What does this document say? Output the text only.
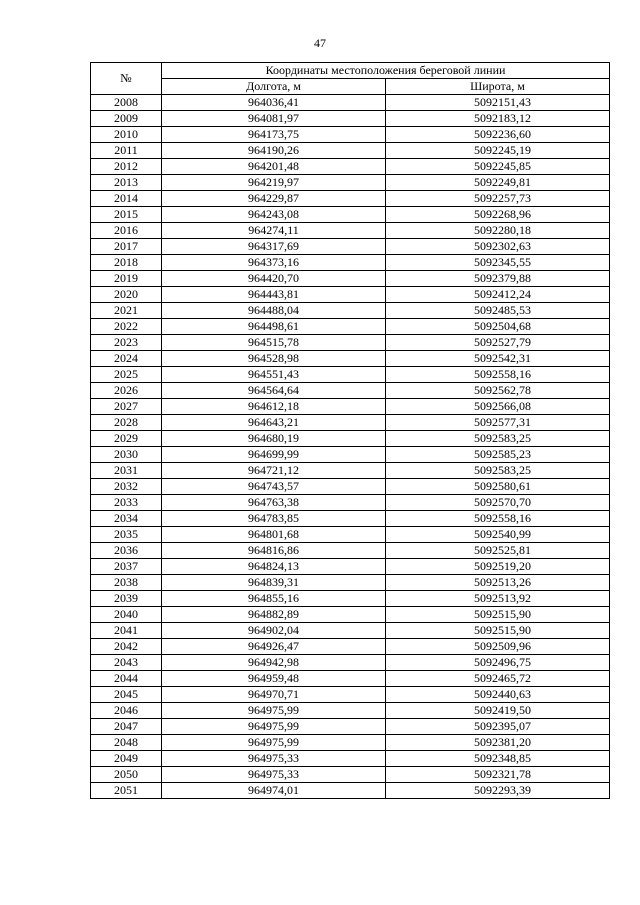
47
№	Координаты местоположения береговой линии	
	Долгота, м	Широта, м
2008	964036,41	5092151,43
2009	964081,97	5092183,12
2010	964173,75	5092236,60
2011	964190,26	5092245,19
2012	964201,48	5092245,85
2013	964219,97	5092249,81
2014	964229,87	5092257,73
2015	964243,08	5092268,96
2016	964274,11	5092280,18
2017	964317,69	5092302,63
2018	964373,16	5092345,55
2019	964420,70	5092379,88
2020	964443,81	5092412,24
2021	964488,04	5092485,53
2022	964498,61	5092504,68
2023	964515,78	5092527,79
2024	964528,98	5092542,31
2025	964551,43	5092558,16
2026	964564,64	5092562,78
2027	964612,18	5092566,08
2028	964643,21	5092577,31
2029	964680,19	5092583,25
2030	964699,99	5092585,23
2031	964721,12	5092583,25
2032	964743,57	5092580,61
2033	964763,38	5092570,70
2034	964783,85	5092558,16
2035	964801,68	5092540,99
2036	964816,86	5092525,81
2037	964824,13	5092519,20
2038	964839,31	5092513,26
2039	964855,16	5092513,92
2040	964882,89	5092515,90
2041	964902,04	5092515,90
2042	964926,47	5092509,96
2043	964942,98	5092496,75
2044	964959,48	5092465,72
2045	964970,71	5092440,63
2046	964975,99	5092419,50
2047	964975,99	5092395,07
2048	964975,99	5092381,20
2049	964975,33	5092348,85
2050	964975,33	5092321,78
2051	964974,01	5092293,39
